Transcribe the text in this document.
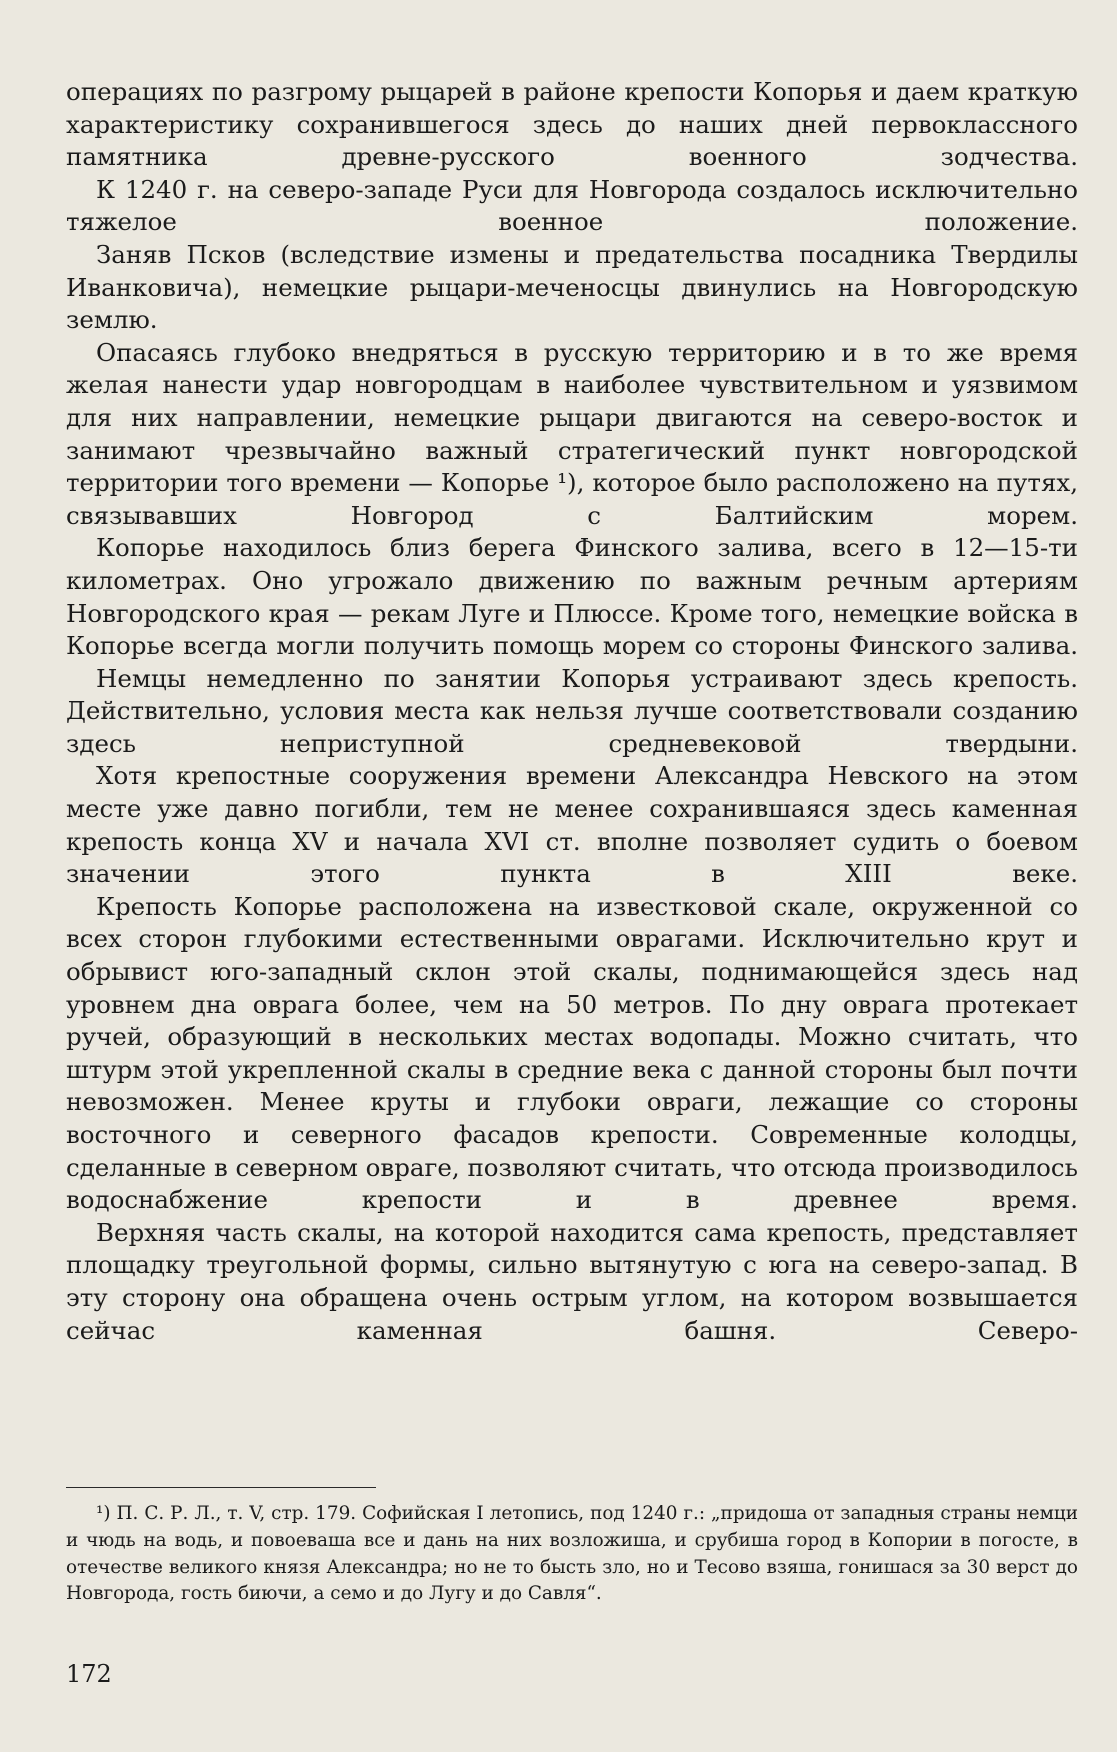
операциях по разгрому рыцарей в районе крепости Копорья и даем краткую характеристику сохранившегося здесь до наших дней первоклассного памятника древне-русского военного зодчества.

К 1240 г. на северо-западе Руси для Новгорода создалось исключительно тяжелое военное положение.

Заняв Псков (вследствие измены и предательства посадника Твердилы Иванковича), немецкие рыцари-меченосцы двинулись на Новгородскую землю.

Опасаясь глубоко внедряться в русскую территорию и в то же время желая нанести удар новгородцам в наиболее чувствительном и уязвимом для них направлении, немецкие рыцари двигаются на северо-восток и занимают чрезвычайно важный стратегический пункт новгородской территории того времени — Копорье ¹), которое было расположено на путях, связывавших Новгород с Балтийским морем.

Копорье находилось близ берега Финского залива, всего в 12—15-ти километрах. Оно угрожало движению по важным речным артериям Новгородского края — рекам Луге и Плюссе. Кроме того, немецкие войска в Копорье всегда могли получить помощь морем со стороны Финского залива.

Немцы немедленно по занятии Копорья устраивают здесь крепость. Действительно, условия места как нельзя лучше соответствовали созданию здесь неприступной средневековой твердыни.

Хотя крепостные сооружения времени Александра Невского на этом месте уже давно погибли, тем не менее сохранившаяся здесь каменная крепость конца XV и начала XVI ст. вполне позволяет судить о боевом значении этого пункта в XIII веке.

Крепость Копорье расположена на известковой скале, окруженной со всех сторон глубокими естественными оврагами. Исключительно крут и обрывист юго-западный склон этой скалы, поднимающейся здесь над уровнем дна оврага более, чем на 50 метров. По дну оврага протекает ручей, образующий в нескольких местах водопады. Можно считать, что штурм этой укрепленной скалы в средние века с данной стороны был почти невозможен. Менее круты и глубоки овраги, лежащие со стороны восточного и северного фасадов крепости. Современные колодцы, сделанные в северном овраге, позволяют считать, что отсюда производилось водоснабжение крепости и в древнее время.

Верхняя часть скалы, на которой находится сама крепость, представляет площадку треугольной формы, сильно вытянутую с юга на северо-запад. В эту сторону она обращена очень острым углом, на котором возвышается сейчас каменная башня. Северо-

¹) П. С. Р. Л., т. V, стр. 179. Софийская I летопись, под 1240 г.: „придоша от западныя страны немци и чюдь на водь, и повоеваша все и дань на них возложиша, и срубиша город в Копории в погосте, в отечестве великого князя Александра; но не то бысть зло, но и Тесово взяша, гонишася за 30 верст до Новгорода, гость биючи, а семо и до Лугу и до Савля“.
172
